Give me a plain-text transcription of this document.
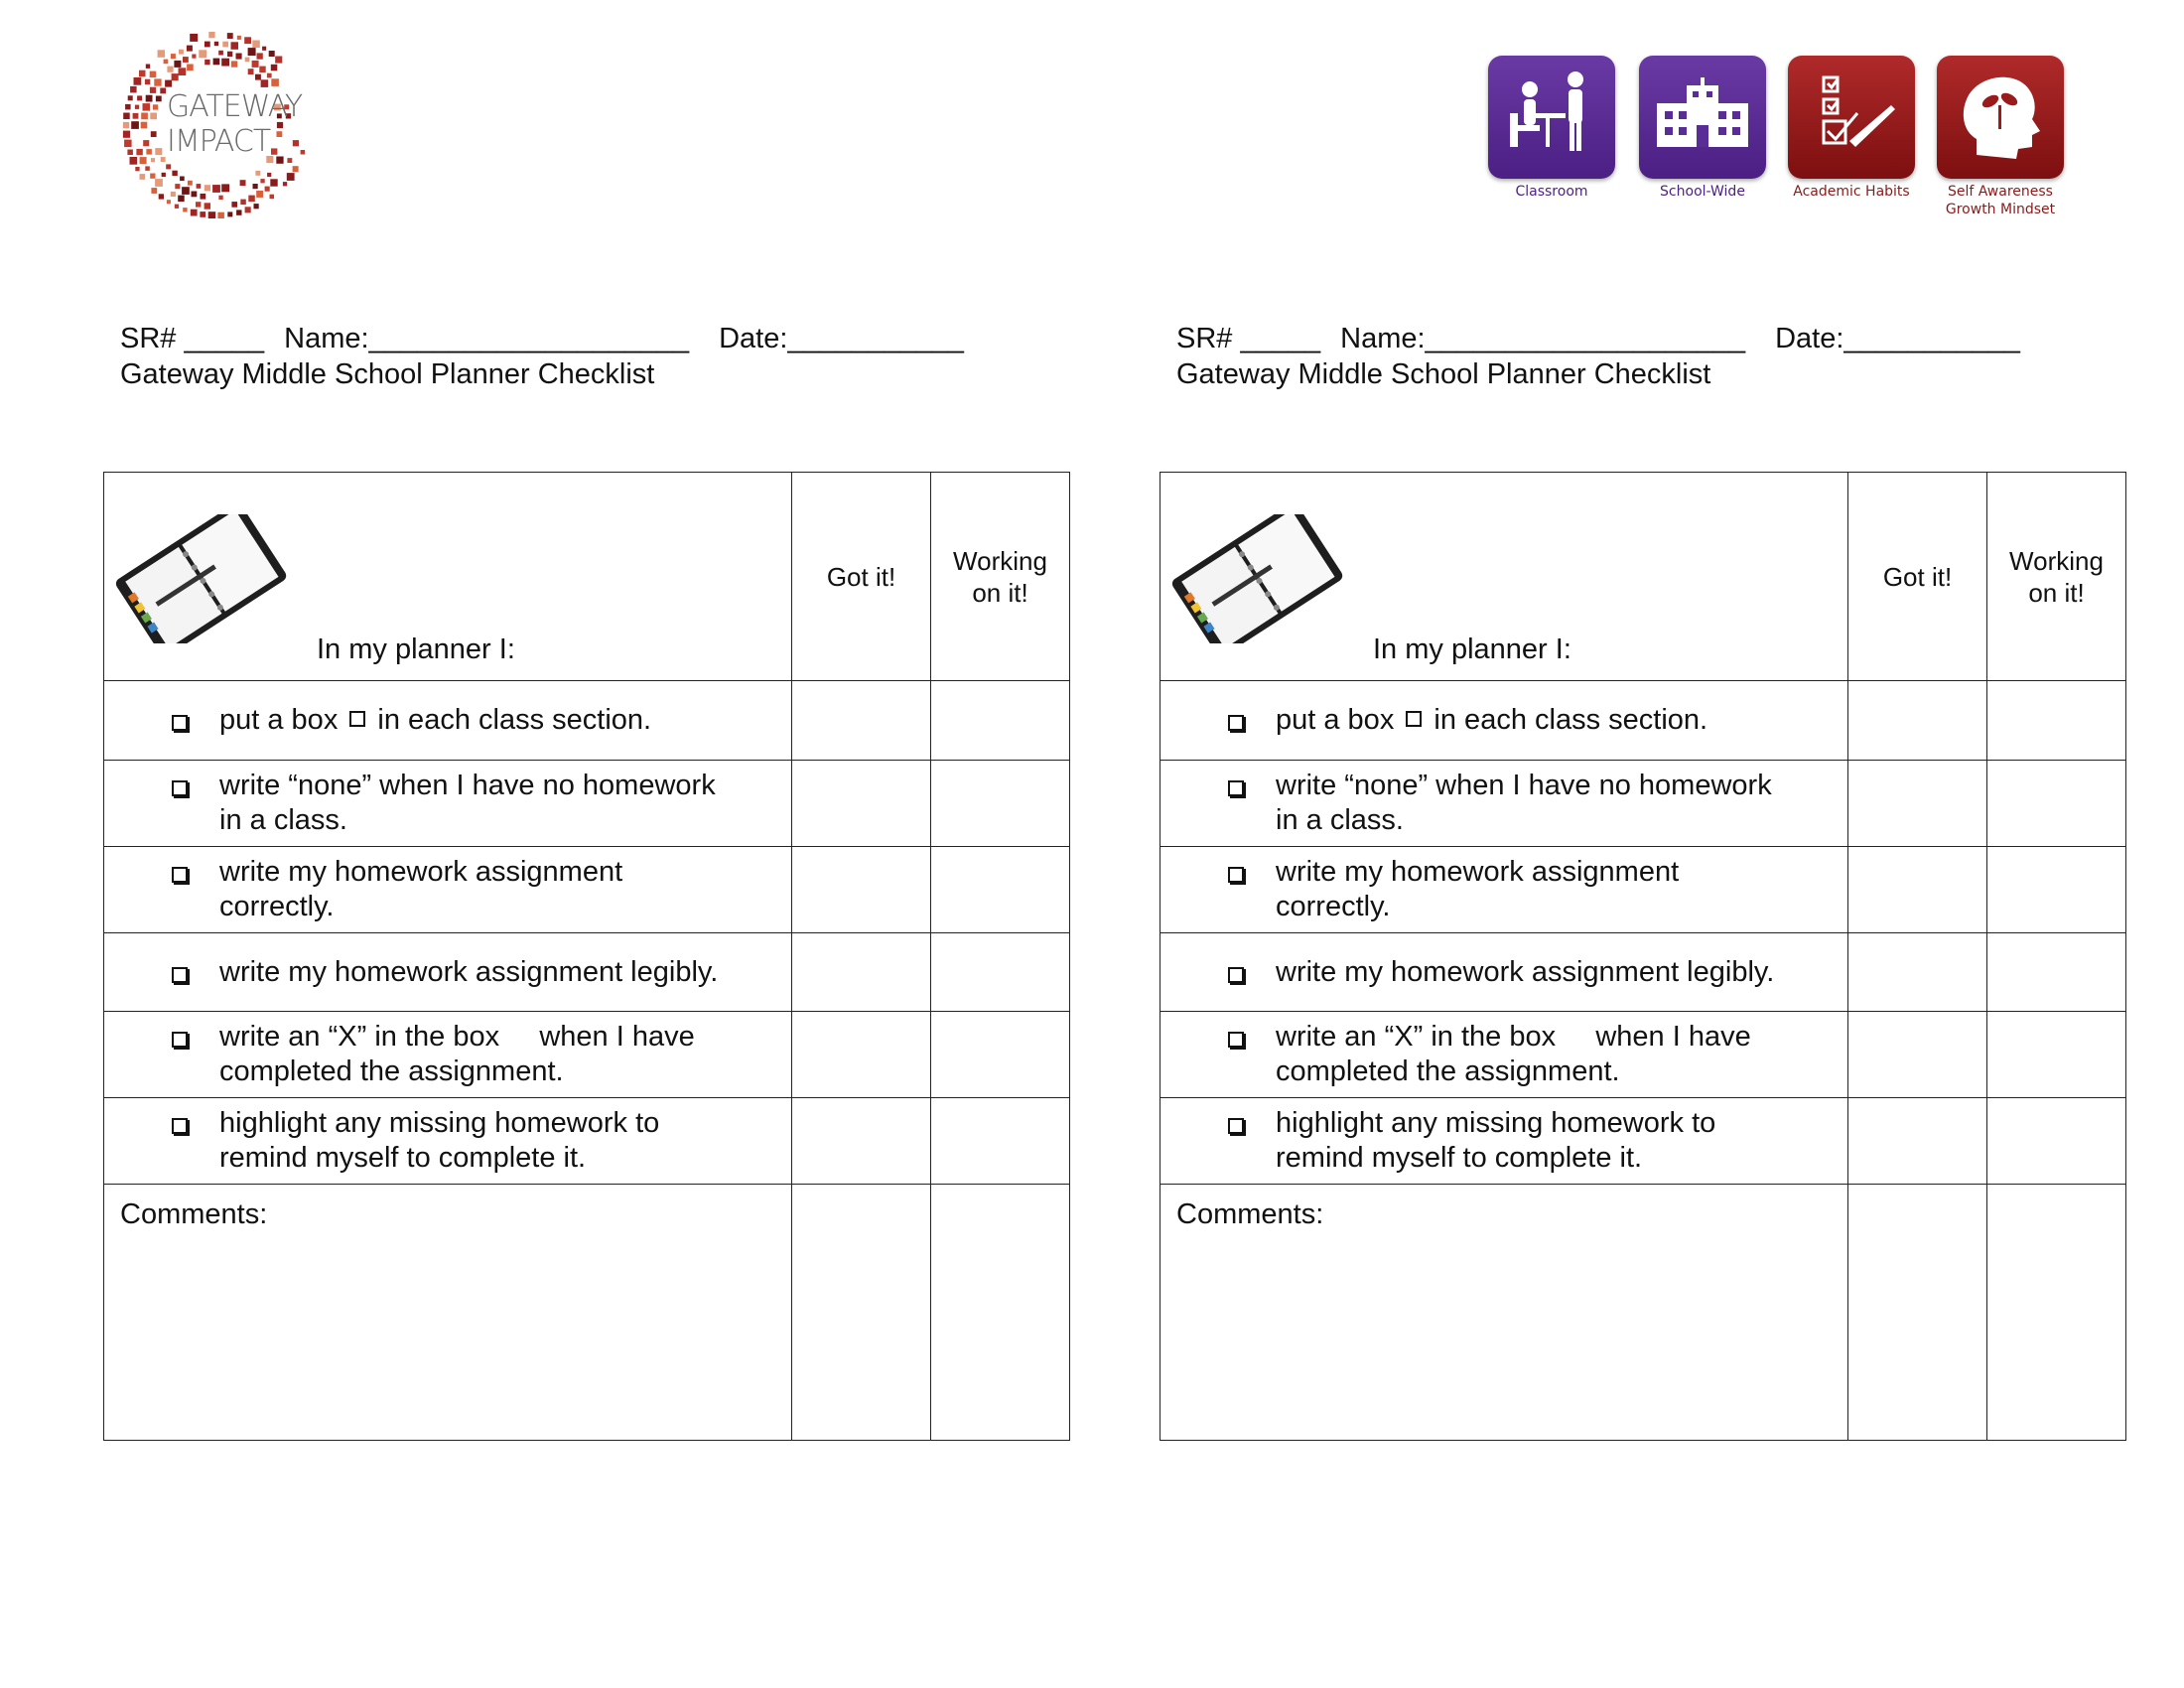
GATEWAY
IMPACT
Classroom	School-Wide	Academic Habits	Self Awareness
Growth Mindset
SR# _____ Name:____________________ Date:___________
Gateway Middle School Planner Checklist
In my planner I:	Got it!	Working
on it!

put a box  in each class section.		

write “none” when I have no homework
in a class.		

write my homework assignment
correctly.		

write my homework assignment legibly.		

write an “X” in the box     when I have
completed the assignment.		

highlight any missing homework to
remind myself to complete it.		

Comments:		

SR# _____ Name:____________________ Date:___________
Gateway Middle School Planner Checklist
In my planner I:	Got it!	Working
on it!

put a box  in each class section.		

write “none” when I have no homework
in a class.		

write my homework assignment
correctly.		

write my homework assignment legibly.		

write an “X” in the box     when I have
completed the assignment.		

highlight any missing homework to
remind myself to complete it.		

Comments:		
